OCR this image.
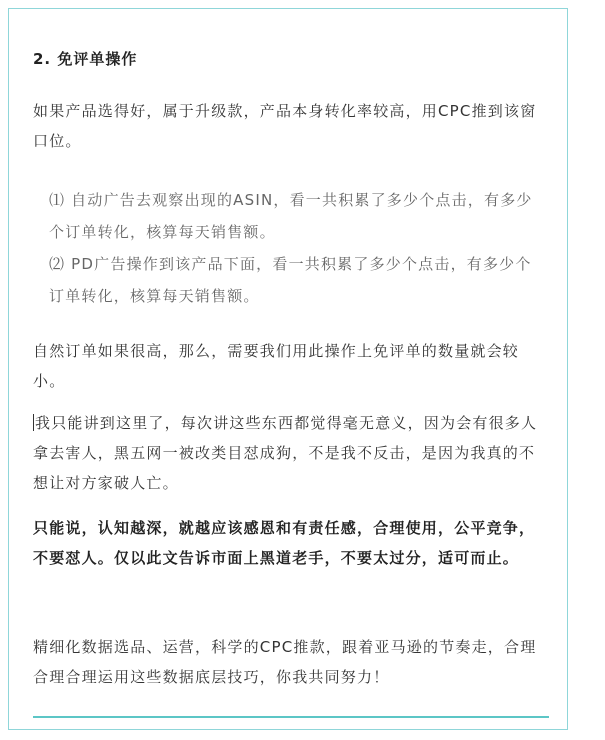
2. 免评单操作

如果产品选得好，属于升级款，产品本身转化率较高，用CPC推到该窗口位。

⑴ 自动广告去观察出现的ASIN，看一共积累了多少个点击，有多少个订单转化，核算每天销售额。

⑵ PD广告操作到该产品下面，看一共积累了多少个点击，有多少个订单转化，核算每天销售额。

自然订单如果很高，那么，需要我们用此操作上免评单的数量就会较小。

我只能讲到这里了，每次讲这些东西都觉得毫无意义，因为会有很多人拿去害人，黑五网一被改类目怼成狗，不是我不反击，是因为我真的不想让对方家破人亡。

只能说，认知越深，就越应该感恩和有责任感，合理使用，公平竞争，不要怼人。仅以此文告诉市面上黑道老手，不要太过分，适可而止。

精细化数据选品、运营，科学的CPC推款，跟着亚马逊的节奏走，合理合理合理运用这些数据底层技巧，你我共同努力！
